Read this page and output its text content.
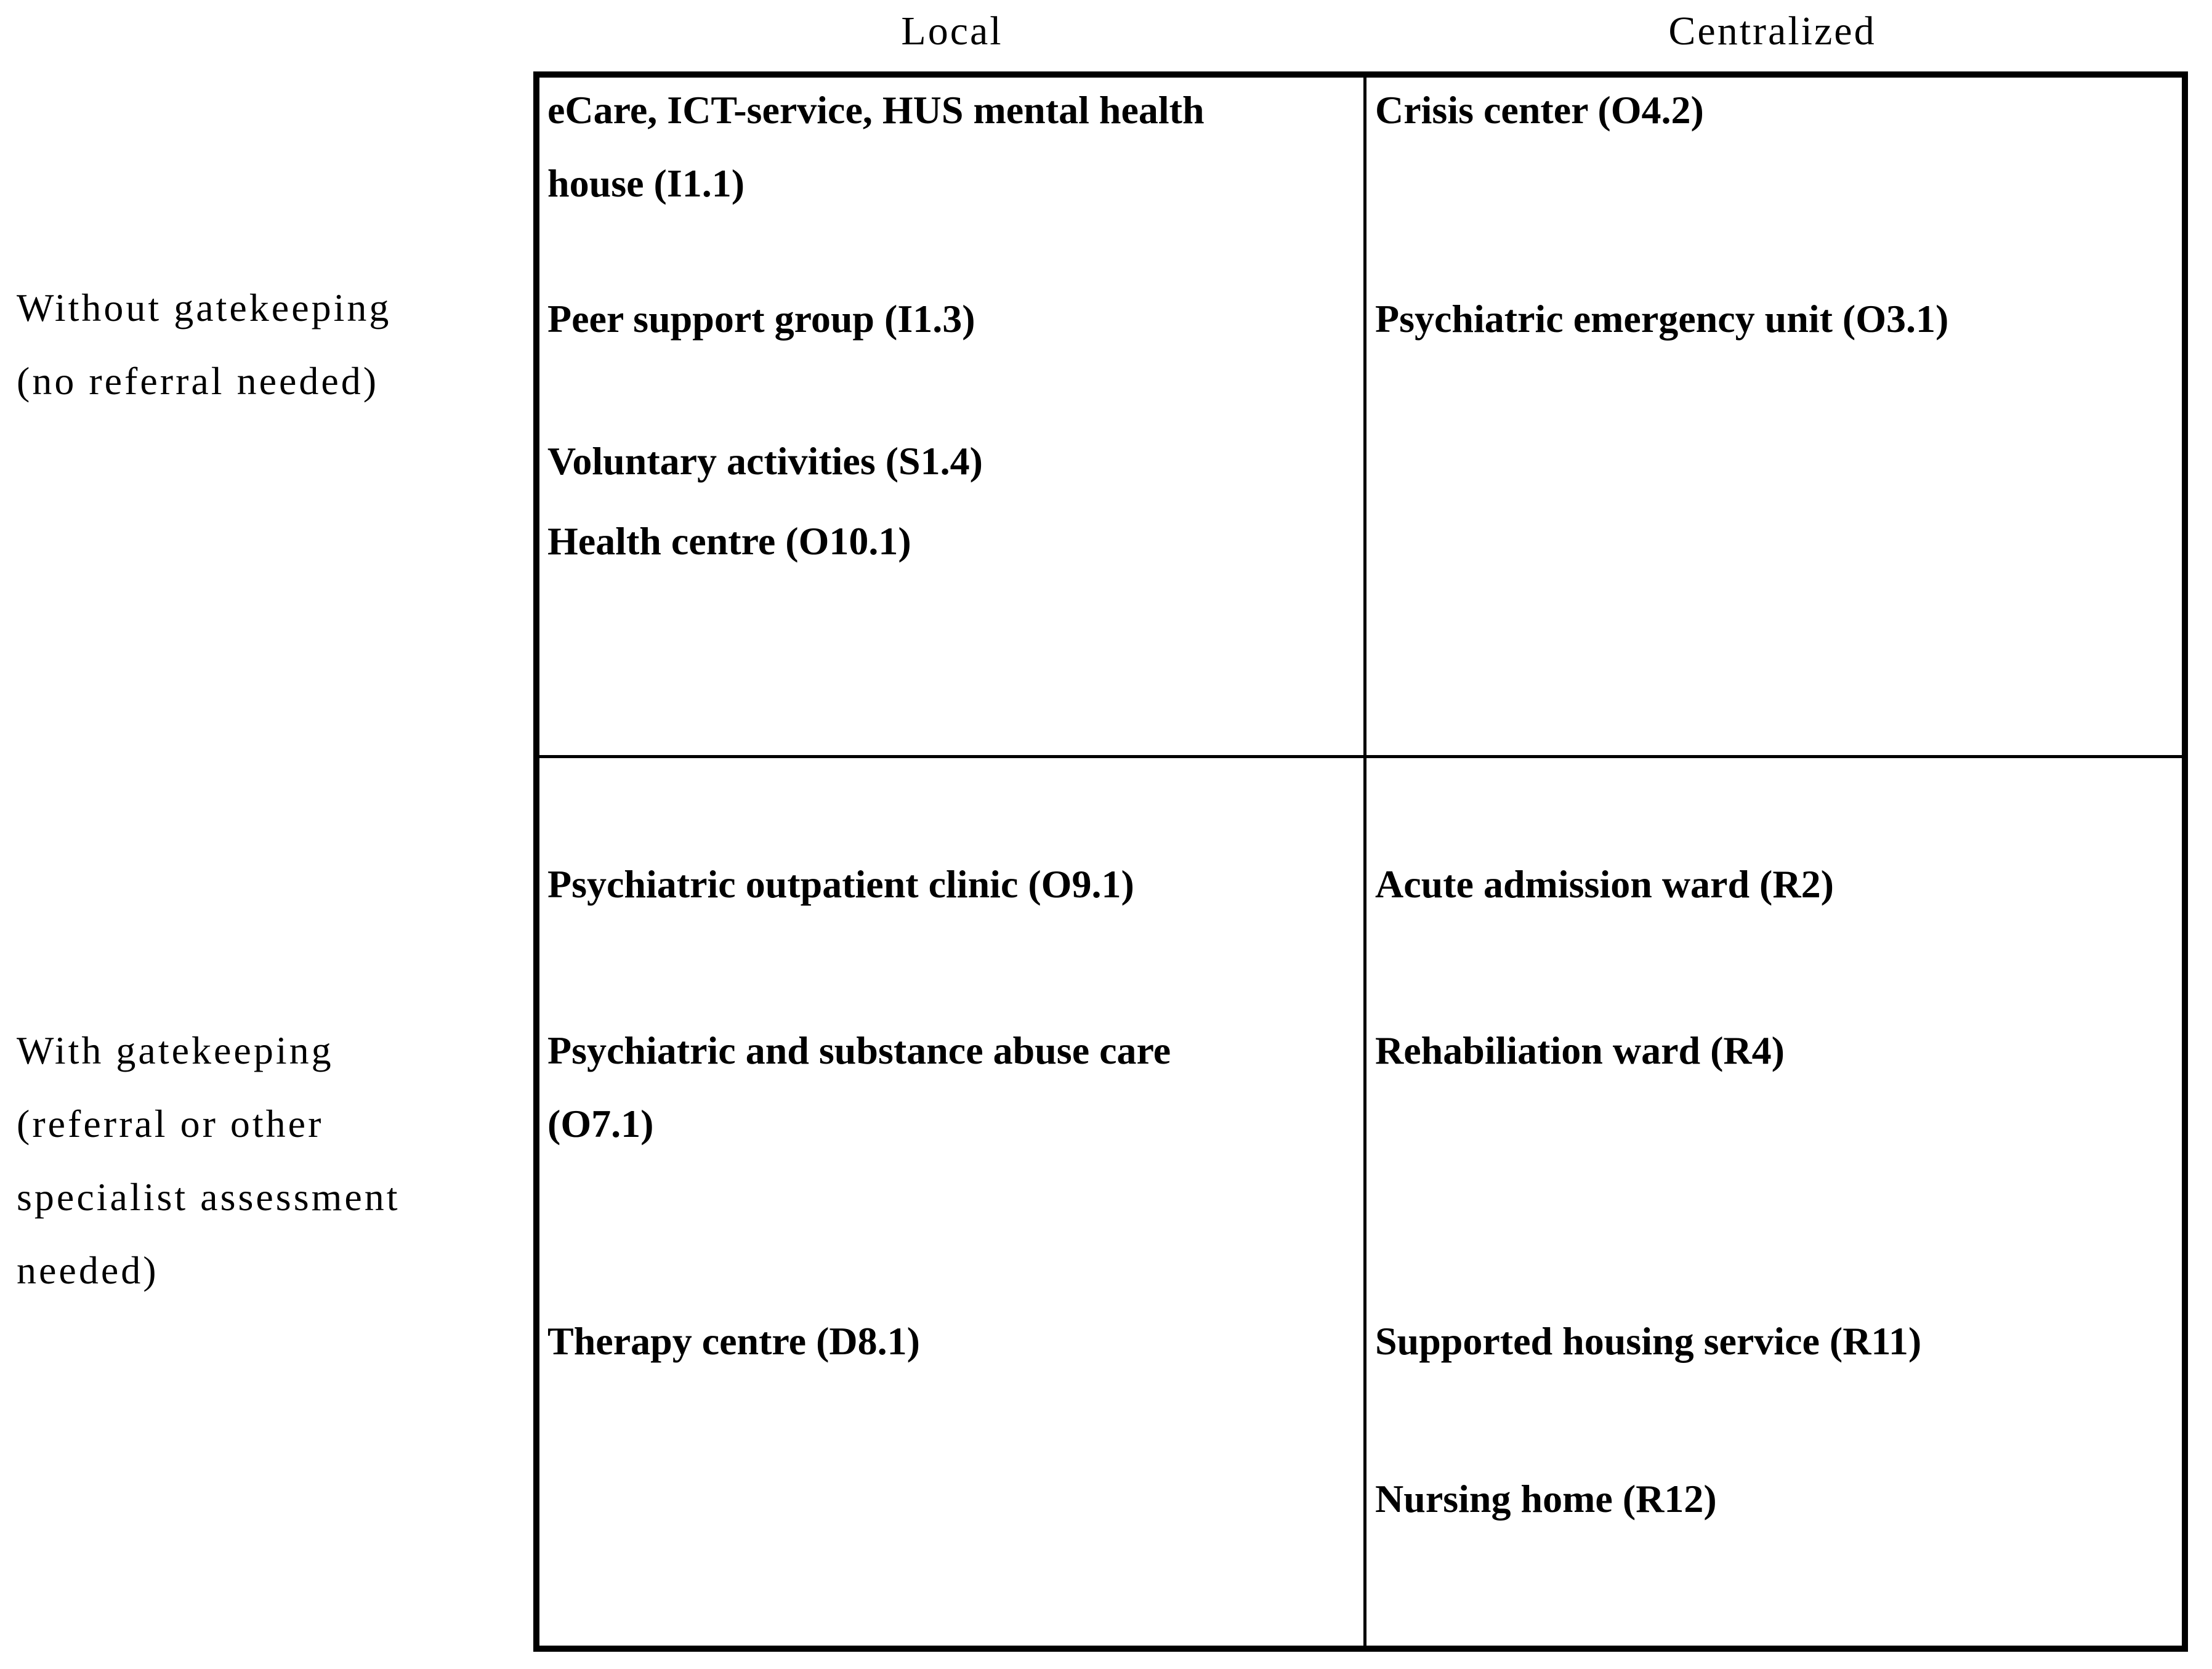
Local	Centralized
Without gatekeeping
(no referral needed)
With gatekeeping
(referral or other
specialist assessment
needed)
eCare, ICT-service, HUS mental health
house (I1.1)
Peer support group (I1.3)
Voluntary activities (S1.4)
Health centre (O10.1)
Crisis center (O4.2)
Psychiatric emergency unit (O3.1)
Psychiatric outpatient clinic (O9.1)
Psychiatric and substance abuse care
(O7.1)
Therapy centre (D8.1)
Acute admission ward (R2)
Rehabiliation ward (R4)
Supported housing service (R11)
Nursing home (R12)
